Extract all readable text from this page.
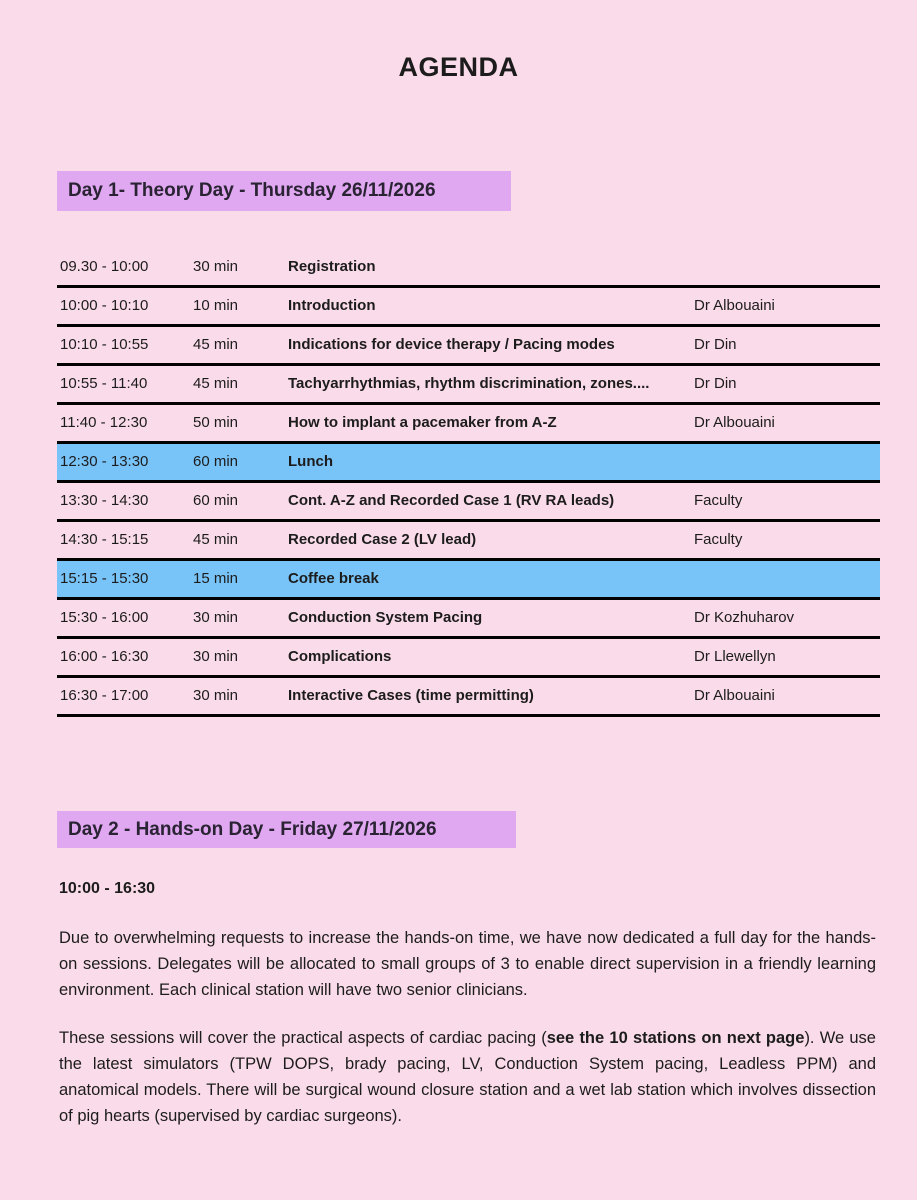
AGENDA
Day 1- Theory Day - Thursday 26/11/2026
09.30 - 10:00	30 min	Registration
10:00 - 10:10	10 min	Introduction	Dr Albouaini
10:10 - 10:55	45 min	Indications for device therapy / Pacing modes	Dr Din
10:55 - 11:40	45 min	Tachyarrhythmias, rhythm discrimination, zones....	Dr Din
11:40 - 12:30	50 min	How to implant a pacemaker from A-Z	Dr Albouaini
12:30 - 13:30	60 min	Lunch
13:30 - 14:30	60 min	Cont. A-Z and Recorded Case 1 (RV RA leads)	Faculty
14:30 - 15:15	45 min	Recorded Case 2 (LV lead)	Faculty
15:15 - 15:30	15 min	Coffee break
15:30 - 16:00	30 min	Conduction System Pacing	Dr Kozhuharov
16:00 - 16:30	30 min	Complications	Dr Llewellyn
16:30 - 17:00	30 min	Interactive Cases (time permitting)	Dr Albouaini
Day 2 - Hands-on Day - Friday 27/11/2026
10:00 - 16:30

Due to overwhelming requests to increase the hands-on time, we have now dedicated a full day for the hands-on sessions. Delegates will be allocated to small groups of 3 to enable direct supervision in a friendly learning environment. Each clinical station will have two senior clinicians.

These sessions will cover the practical aspects of cardiac pacing (see the 10 stations on next page). We use the latest simulators (TPW DOPS, brady pacing, LV, Conduction System pacing, Leadless PPM) and anatomical models. There will be surgical wound closure station and a wet lab station which involves dissection of pig hearts (supervised by cardiac surgeons).
